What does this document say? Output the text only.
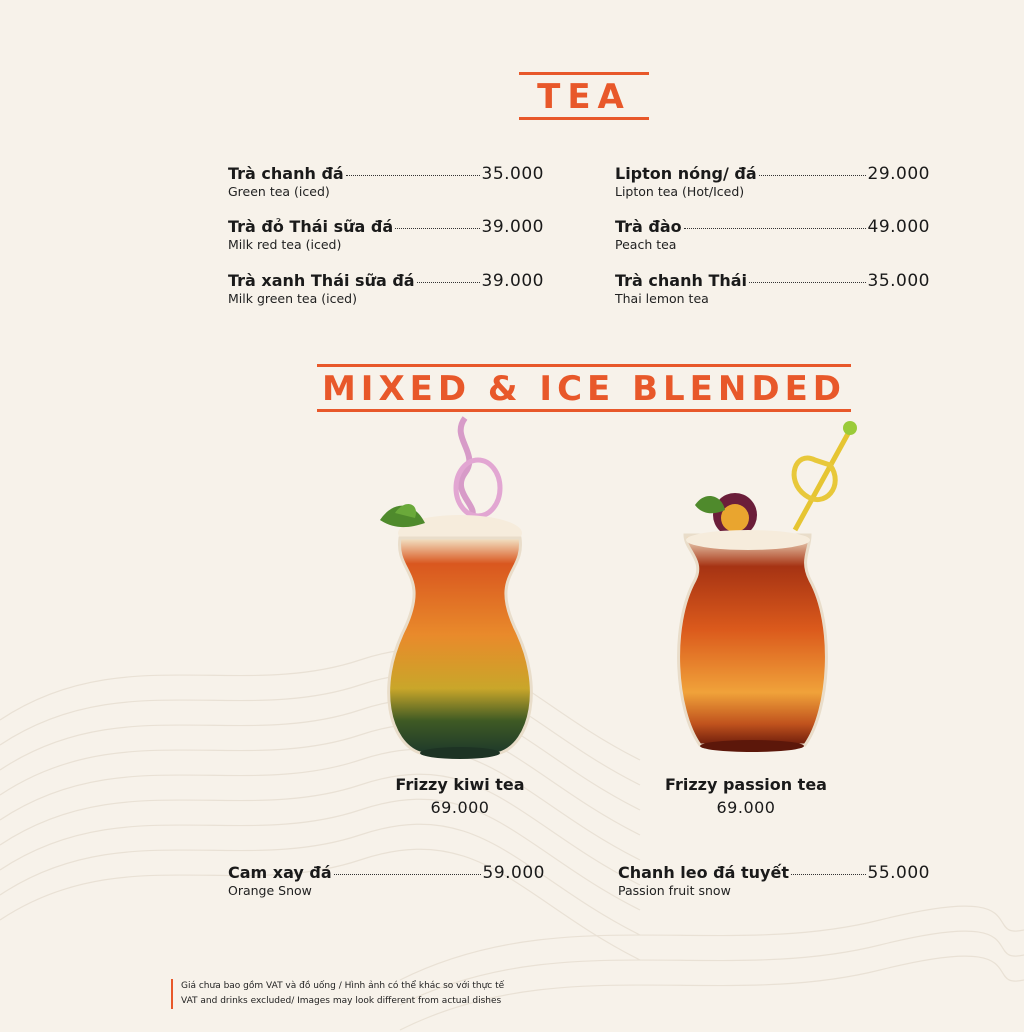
TEA
Trà chanh đá	35.000
Green tea (iced)
Trà đỏ Thái sữa đá	39.000
Milk red tea (iced)
Trà xanh Thái sữa đá	39.000
Milk green tea (iced)
Lipton nóng/ đá	29.000
Lipton tea (Hot/Iced)
Trà đào	49.000
Peach tea
Trà chanh Thái	35.000
Thai lemon tea
MIXED & ICE BLENDED
Frizzy kiwi tea
69.000
Frizzy passion tea
69.000
Cam xay đá	59.000
Orange Snow
Chanh leo đá tuyết	55.000
Passion fruit snow
Giá chưa bao gồm VAT và đồ uống / Hình ảnh có thể khác so với thực tế
VAT and drinks excluded/ Images may look different from actual dishes
